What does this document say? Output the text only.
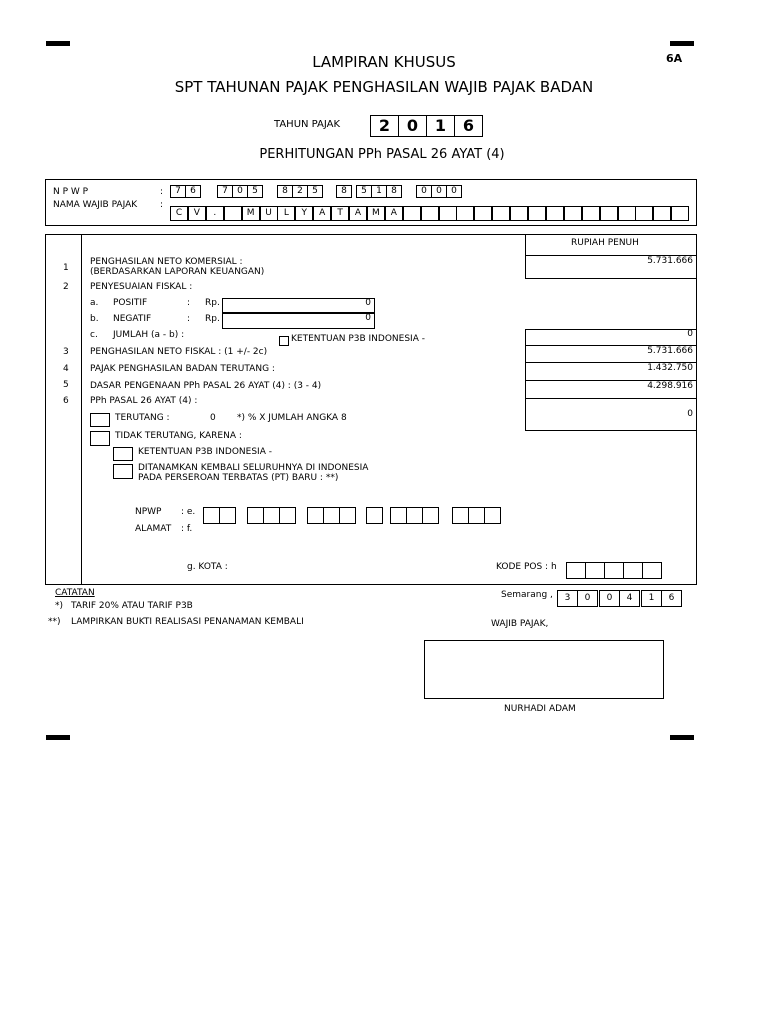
6A
LAMPIRAN KHUSUS
SPT TAHUNAN PAJAK PENGHASILAN WAJIB PAJAK BADAN
TAHUN PAJAK	2	0	1	6
PERHITUNGAN PPh PASAL 26 AYAT (4)
N P W P	:
NAMA WAJIB PAJAK	:
7	6	7	0	5	8	2	5	8	5	1	8	0	0	0
C	V	.	M	U	L	Y	A	T	A	M	A
RUPIAH PENUH
1
PENGHASILAN NETO KOMERSIAL :
(BERDASARKAN LAPORAN KEUANGAN)
5.731.666
2 PENYESUAIAN FISKAL :
a. POSITIF	: Rp.	0
b. NEGATIF	: Rp.	0
c. JUMLAH (a - b) :	KETENTUAN P3B INDONESIA -	0
3 PENGHASILAN NETO FISKAL : (1 +/- 2c)	5.731.666
4 PAJAK PENGHASILAN BADAN TERUTANG :	1.432.750
5 DASAR PENGENAAN PPh PASAL 26 AYAT (4) : (3 - 4)	4.298.916
6 PPh PASAL 26 AYAT (4) :
0
TERUTANG :	0 *) % X JUMLAH ANGKA 8
TIDAK TERUTANG, KARENA :
KETENTUAN P3B INDONESIA -
DITANAMKAN KEMBALI SELURUHNYA DI INDONESIA
PADA PERSEROAN TERBATAS (PT) BARU : **)
NPWP : e.
ALAMAT : f.
g. KOTA :	KODE POS : h
CATATAN
*) TARIF 20% ATAU TARIF P3B
**) LAMPIRKAN BUKTI REALISASI PENANAMAN KEMBALI
Semarang ,	3	0	0	4	1	6
WAJIB PAJAK,
NURHADI ADAM
